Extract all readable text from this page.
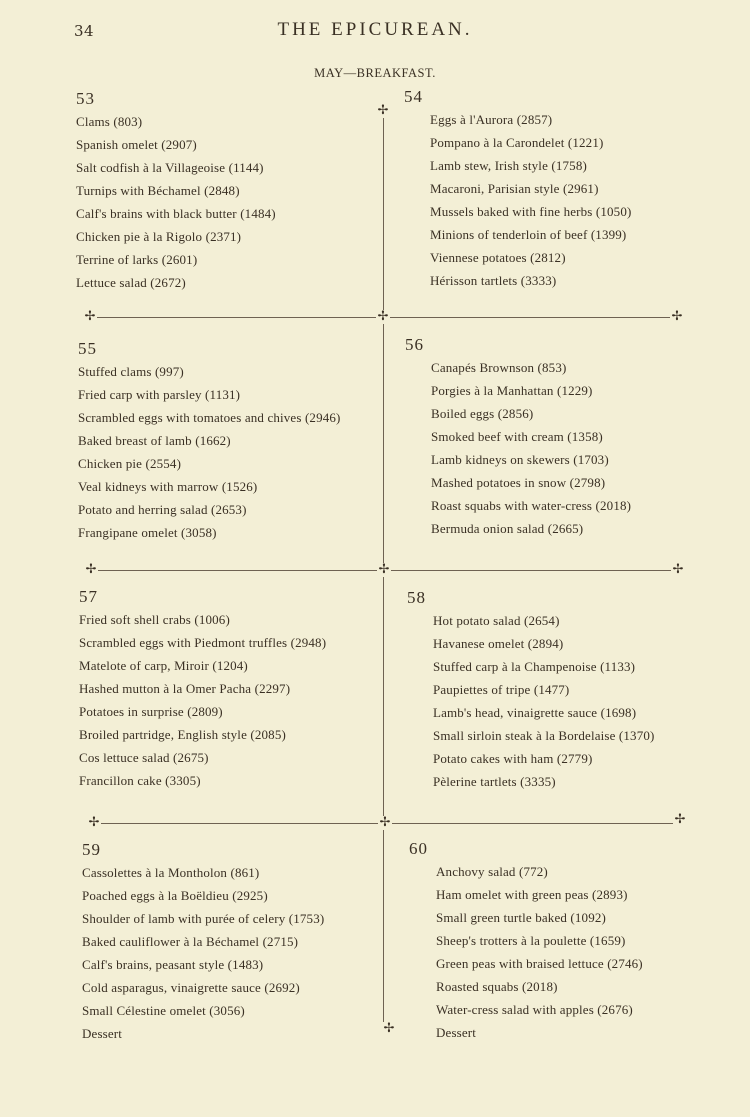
34	THE EPICUREAN.
MAY—BREAKFAST.
✢
✢	✢	✢
✢	✢	✢
✢	✢	✢
✢
53
Clams (803)
Spanish omelet (2907)
Salt codfish à la Villageoise (1144)
Turnips with Béchamel (2848)
Calf's brains with black butter (1484)
Chicken pie à la Rigolo (2371)
Terrine of larks (2601)
Lettuce salad (2672)
54
Eggs à l'Aurora (2857)
Pompano à la Carondelet (1221)
Lamb stew, Irish style (1758)
Macaroni, Parisian style (2961)
Mussels baked with fine herbs (1050)
Minions of tenderloin of beef (1399)
Viennese potatoes (2812)
Hérisson tartlets (3333)
55
Stuffed clams (997)
Fried carp with parsley (1131)
Scrambled eggs with tomatoes and chives (2946)
Baked breast of lamb (1662)
Chicken pie (2554)
Veal kidneys with marrow (1526)
Potato and herring salad (2653)
Frangipane omelet (3058)
56
Canapés Brownson (853)
Porgies à la Manhattan (1229)
Boiled eggs (2856)
Smoked beef with cream (1358)
Lamb kidneys on skewers (1703)
Mashed potatoes in snow (2798)
Roast squabs with water-cress (2018)
Bermuda onion salad (2665)
57
Fried soft shell crabs (1006)
Scrambled eggs with Piedmont truffles (2948)
Matelote of carp, Miroir (1204)
Hashed mutton à la Omer Pacha (2297)
Potatoes in surprise (2809)
Broiled partridge, English style (2085)
Cos lettuce salad (2675)
Francillon cake (3305)
58
Hot potato salad (2654)
Havanese omelet (2894)
Stuffed carp à la Champenoise (1133)
Paupiettes of tripe (1477)
Lamb's head, vinaigrette sauce (1698)
Small sirloin steak à la Bordelaise (1370)
Potato cakes with ham (2779)
Pèlerine tartlets (3335)
59
Cassolettes à la Montholon (861)
Poached eggs à la Boëldieu (2925)
Shoulder of lamb with purée of celery (1753)
Baked cauliflower à la Béchamel (2715)
Calf's brains, peasant style (1483)
Cold asparagus, vinaigrette sauce (2692)
Small Célestine omelet (3056)
Dessert
60
Anchovy salad (772)
Ham omelet with green peas (2893)
Small green turtle baked (1092)
Sheep's trotters à la poulette (1659)
Green peas with braised lettuce (2746)
Roasted squabs (2018)
Water-cress salad with apples (2676)
Dessert
